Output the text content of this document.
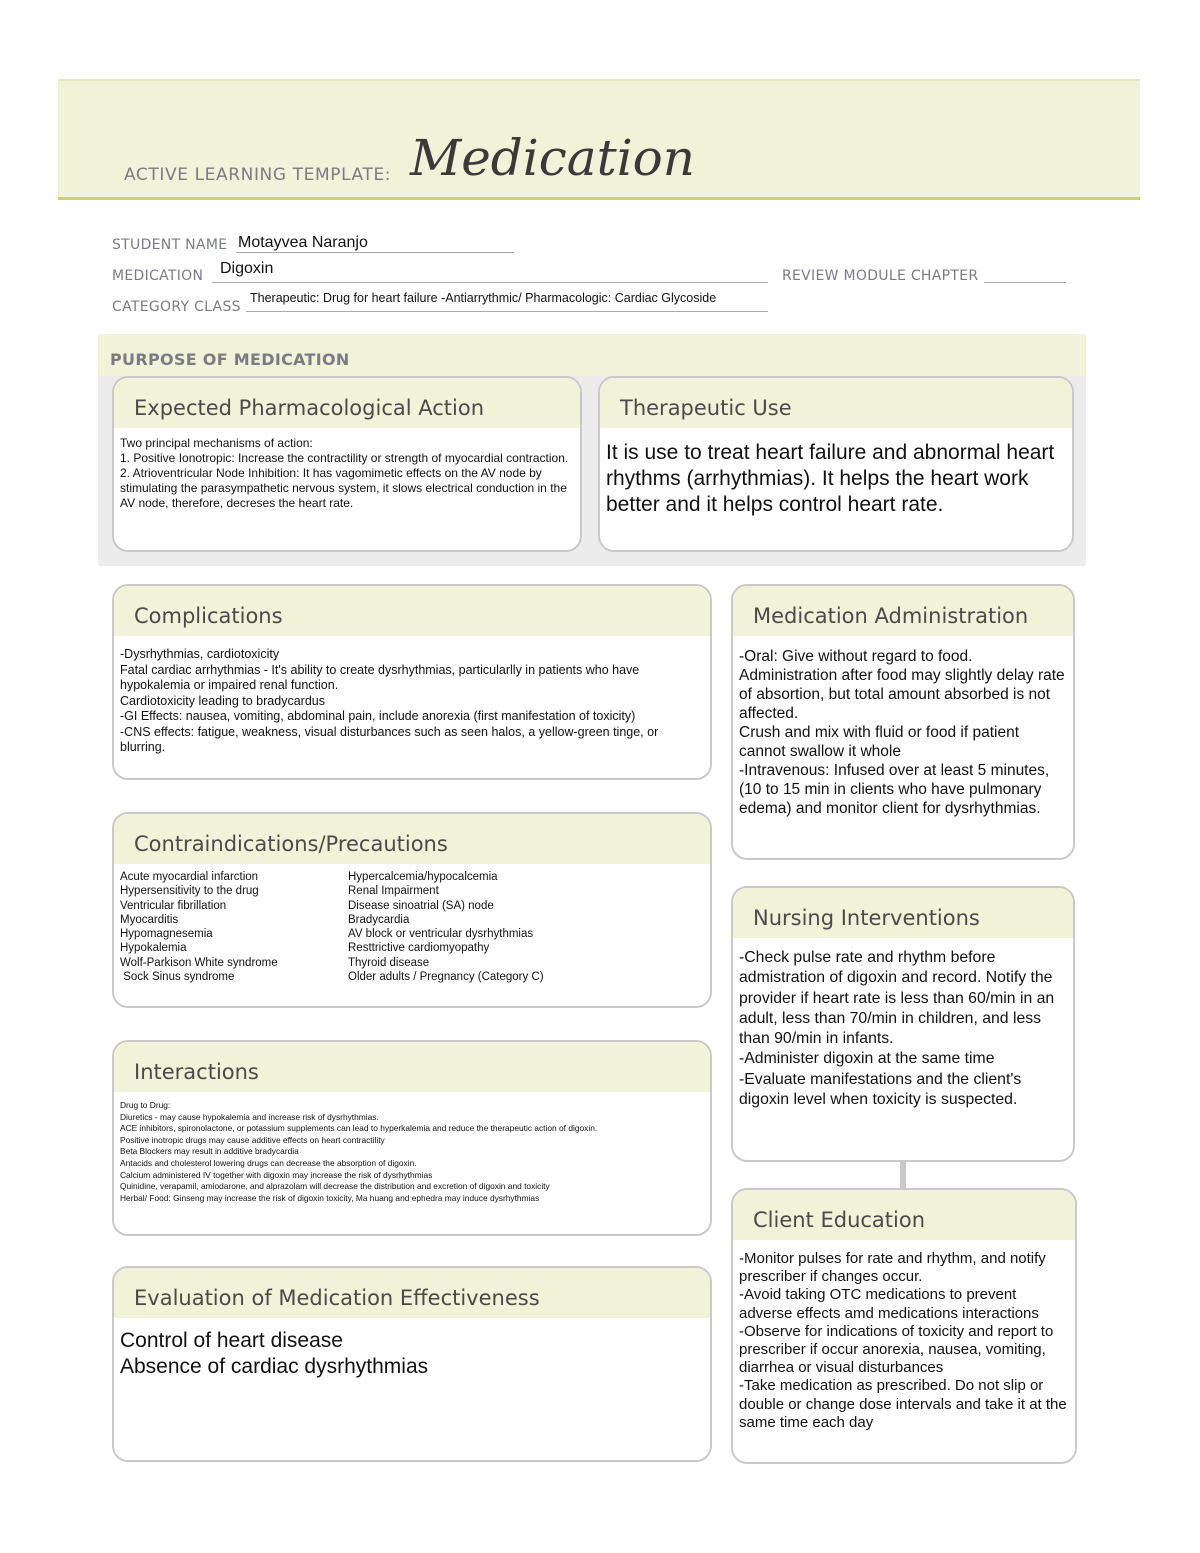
ACTIVE LEARNING TEMPLATE: Medication
STUDENT NAME Motayvea Naranjo
MEDICATION Digoxin	REVIEW MODULE CHAPTER
CATEGORY CLASS
Therapeutic: Drug for heart failure -Antiarrythmic/ Pharmacologic: Cardiac Glycoside
PURPOSE OF MEDICATION
Expected Pharmacological Action
Two principal mechanisms of action:
1. Positive Ionotropic: Increase the contractility or strength of myocardial contraction.
2. Atrioventricular Node Inhibition: It has vagomimetic effects on the AV node by stimulating the parasympathetic nervous system, it slows electrical conduction in the AV node, therefore, decreses the heart rate.
Therapeutic Use
It is use to treat heart failure and abnormal heart rhythms (arrhythmias). It helps the heart work better and it helps control heart rate.
Complications
-Dysrhythmias, cardiotoxicity
Fatal cardiac arrhythmias - It's ability to create dysrhythmias, particularlly in patients who have hypokalemia or impaired renal function.
Cardiotoxicity leading to bradycardus
-GI Effects: nausea, vomiting, abdominal pain, include anorexia (first manifestation of toxicity)
-CNS effects: fatigue, weakness, visual disturbances such as seen halos, a yellow-green tinge, or blurring.
Medication Administration
-Oral: Give without regard to food. Administration after food may slightly delay rate of absortion, but total amount absorbed is not affected.
Crush and mix with fluid or food if patient cannot swallow it whole
-Intravenous: Infused over at least 5 minutes, (10 to 15 min in clients who have pulmonary edema) and monitor client for dysrhythmias.
Contraindications/Precautions
Acute myocardial infarction
Hypersensitivity to the drug
Ventricular fibrillation
Myocarditis
Hypomagnesemia
Hypokalemia
Wolf-Parkison White syndrome
Sock Sinus syndrome
Hypercalcemia/hypocalcemia
Renal Impairment
Disease sinoatrial (SA) node
Bradycardia
AV block or ventricular dysrhythmias
Resttrictive cardiomyopathy
Thyroid disease
Older adults / Pregnancy (Category C)
Nursing Interventions
-Check pulse rate and rhythm before admistration of digoxin and record. Notify the provider if heart rate is less than 60/min in an adult, less than 70/min in children, and less than 90/min in infants.
-Administer digoxin at the same time
-Evaluate manifestations and the client's digoxin level when toxicity is suspected.
Interactions
Drug to Drug:
Diuretics - may cause hypokalemia and increase risk of dysrhythmias.
ACE inhibitors, spironolactone, or potassium supplements can lead to hyperkalemia and reduce the therapeutic action of digoxin.
Positive inotropic drugs may cause additive effects on heart contractility
Beta Blockers may result in additive bradycardia
Antacids and cholesterol lowering drugs can decrease the absorption of digoxin.
Calcium administered IV together with digoxin may increase the risk of dysrhythmias
Quinidine, verapamil, amiodarone, and alprazolam will decrease the distribution and excretion of digoxin and toxicity
Herbal/ Food: Ginseng may increase the risk of digoxin toxicity, Ma huang and ephedra may induce dysrhythmias
Client Education
-Monitor pulses for rate and rhythm, and notify prescriber if changes occur.
-Avoid taking OTC medications to prevent adverse effects amd medications interactions
-Observe for indications of toxicity and report to prescriber if occur anorexia, nausea, vomiting, diarrhea or visual disturbances
-Take medication as prescribed. Do not slip or double or change dose intervals and take it at the same time each day
Evaluation of Medication Effectiveness
Control of heart disease
Absence of cardiac dysrhythmias
